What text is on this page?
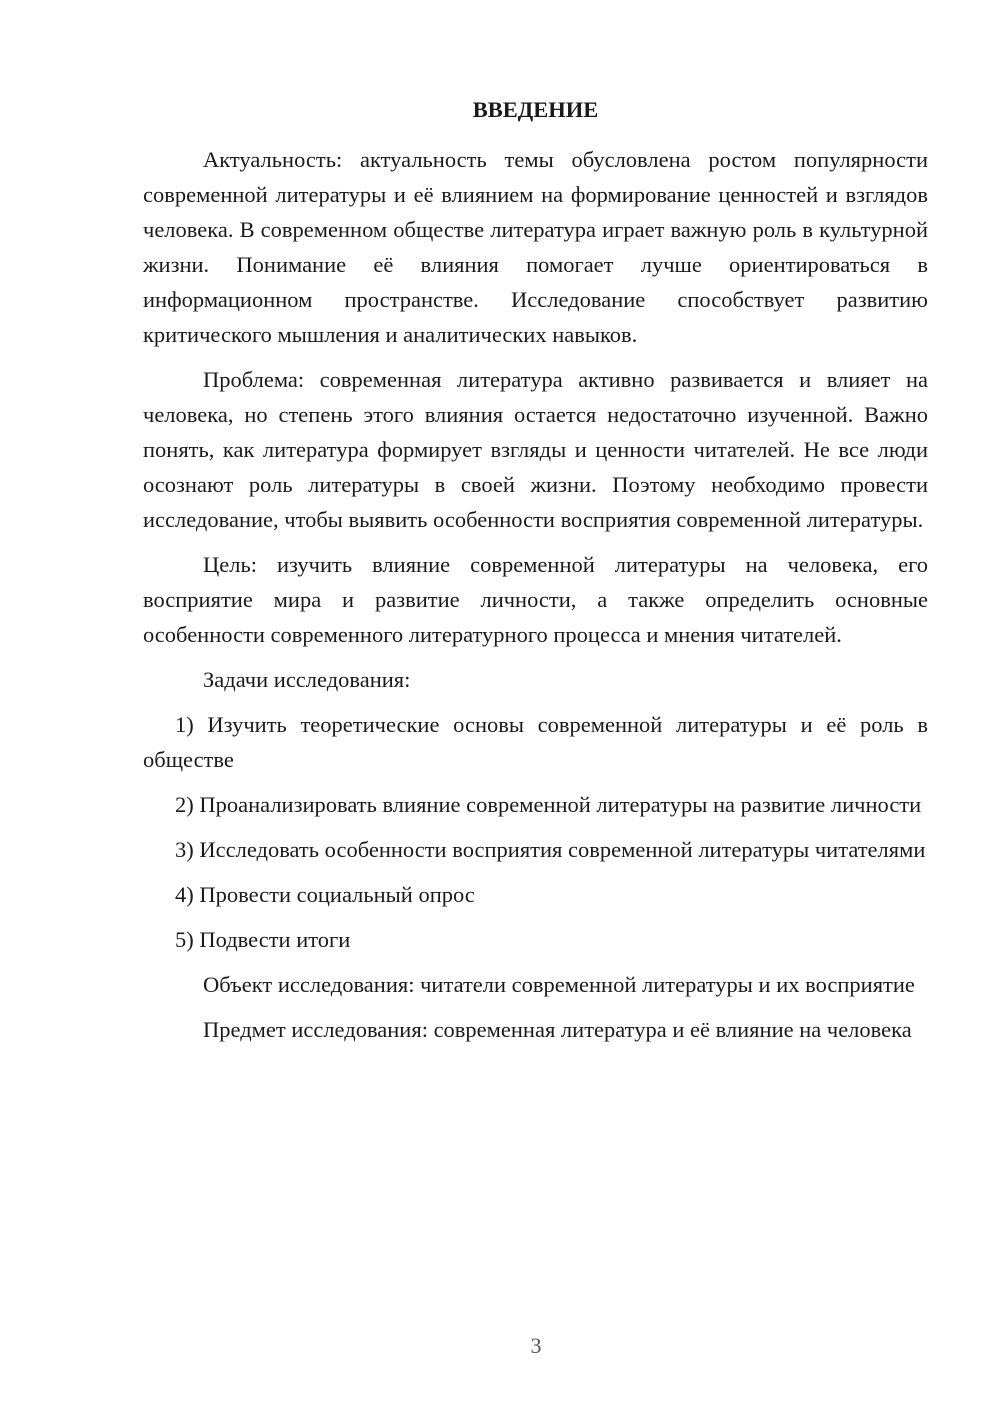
ВВЕДЕНИЕ

Актуальность: актуальность темы обусловлена ростом популярности современной литературы и её влиянием на формирование ценностей и взглядов человека. В современном обществе литература играет важную роль в культурной жизни. Понимание её влияния помогает лучше ориентироваться в информационном пространстве. Исследование способствует развитию критического мышления и аналитических навыков.

Проблема: современная литература активно развивается и влияет на человека, но степень этого влияния остается недостаточно изученной. Важно понять, как литература формирует взгляды и ценности читателей. Не все люди осознают роль литературы в своей жизни. Поэтому необходимо провести исследование, чтобы выявить особенности восприятия современной литературы.

Цель: изучить влияние современной литературы на человека, его восприятие мира и развитие личности, а также определить основные особенности современного литературного процесса и мнения читателей.

Задачи исследования:

1) Изучить теоретические основы современной литературы и её роль в обществе

2) Проанализировать влияние современной литературы на развитие личности

3) Исследовать особенности восприятия современной литературы читателями

4) Провести социальный опрос

5) Подвести итоги

Объект исследования: читатели современной литературы и их восприятие

Предмет исследования: современная литература и её влияние на человека

3
